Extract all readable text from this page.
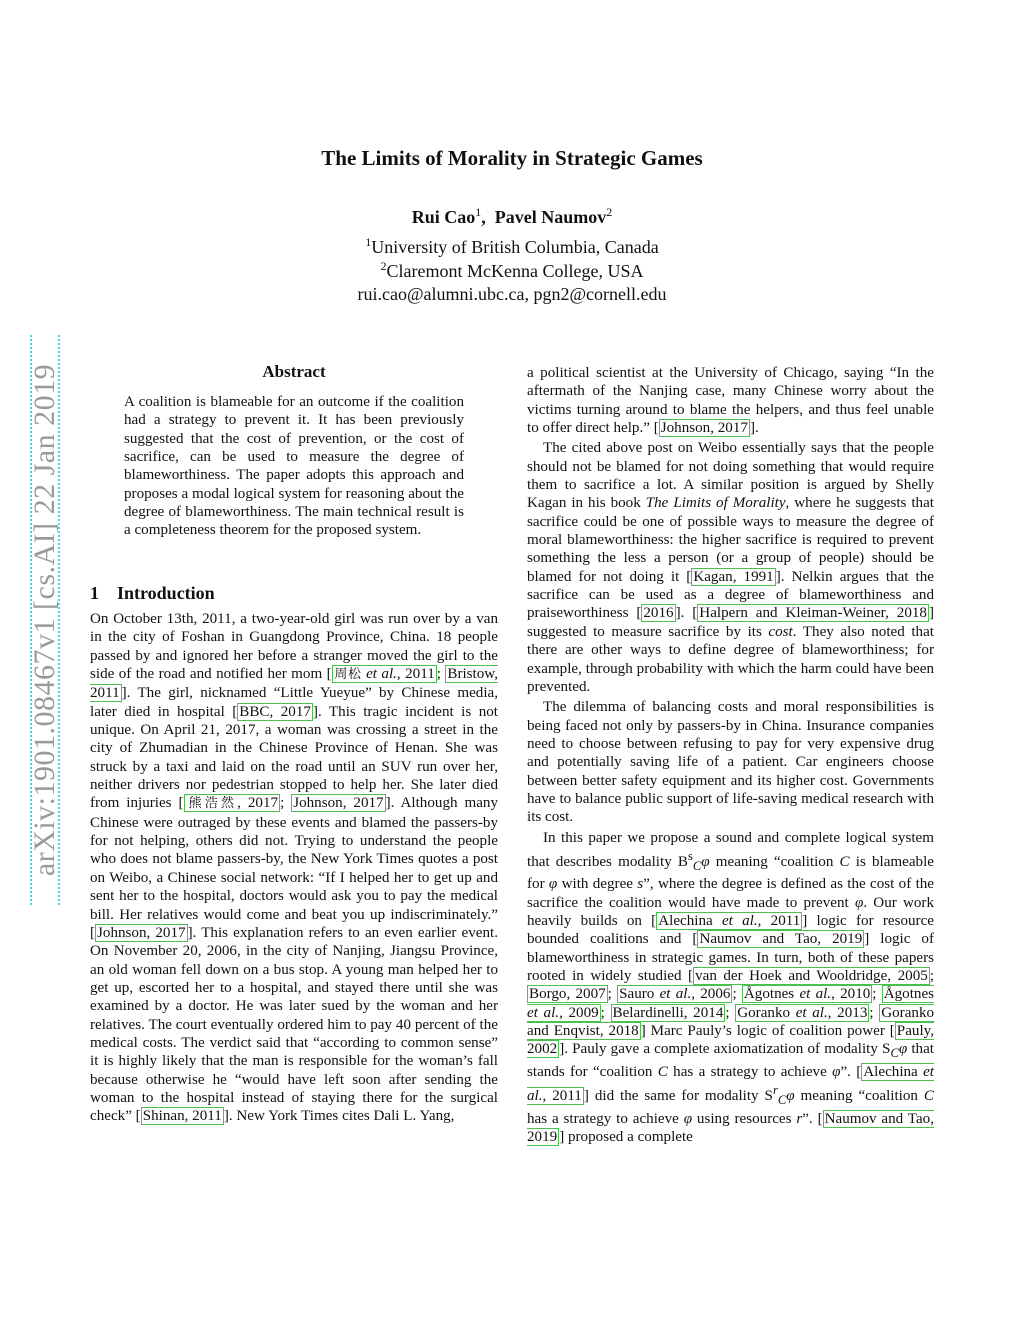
arXiv:1901.08467v1 [cs.AI] 22 Jan 2019
The Limits of Morality in Strategic Games
Rui Cao$^1$,  Pavel Naumov$^2$
$^1$University of British Columbia, Canada
$^2$Claremont McKenna College, USA
rui.cao@alumni.ubc.ca, pgn2@cornell.edu
Abstract

A coalition is blameable for an outcome if the coalition had a strategy to prevent it. It has been previously suggested that the cost of prevention, or the cost of sacrifice, can be used to measure the degree of blameworthiness. The paper adopts this approach and proposes a modal logical system for reasoning about the degree of blameworthiness. The main technical result is a completeness theorem for the proposed system.

1 Introduction

On October 13th, 2011, a two-year-old girl was run over by a van in the city of Foshan in Guangdong Province, China. 18 people passed by and ignored her before a stranger moved the girl to the side of the road and notified her mom [ 周松 et al., 2011 ; Bristow, 2011 ]. The girl, nicknamed “Little Yueyue” by Chinese media, later died in hospital [ BBC, 2017 ]. This tragic incident is not unique. On April 21, 2017, a woman was crossing a street in the city of Zhumadian in the Chinese Province of Henan. She was struck by a taxi and laid on the road until an SUV run over her, neither drivers nor pedestrian stopped to help her. She later died from injuries [ 熊浩然, 2017 ; Johnson, 2017 ]. Although many Chinese were outraged by these events and blamed the passers-by for not helping, others did not. Trying to understand the people who does not blame passers-by, the New York Times quotes a post on Weibo, a Chinese social network: “If I helped her to get up and sent her to the hospital, doctors would ask you to pay the medical bill. Her relatives would come and beat you up indiscriminately.” [ Johnson, 2017 ]. This explanation refers to an even earlier event. On November 20, 2006, in the city of Nanjing, Jiangsu Province, an old woman fell down on a bus stop. A young man helped her to get up, escorted her to a hospital, and stayed there until she was examined by a doctor. He was later sued by the woman and her relatives. The court eventually ordered him to pay 40 percent of the medical costs. The verdict said that “according to common sense” it is highly likely that the man is responsible for the woman’s fall because otherwise he “would have left soon after sending the woman to the hospital instead of staying there for the surgical check” [ Shinan, 2011 ]. New York Times cites Dali L. Yang,

a political scientist at the University of Chicago, saying “In the aftermath of the Nanjing case, many Chinese worry about the victims turning around to blame the helpers, and thus feel unable to offer direct help.” [ Johnson, 2017 ].

The cited above post on Weibo essentially says that the people should not be blamed for not doing something that would require them to sacrifice a lot. A similar position is argued by Shelly Kagan in his book The Limits of Morality, where he suggests that sacrifice could be one of possible ways to measure the degree of moral blameworthiness: the higher sacrifice is required to prevent something the less a person (or a group of people) should be blamed for not doing it [ Kagan, 1991 ]. Nelkin argues that the sacrifice can be used as a degree of blameworthiness and praiseworthiness [ 2016 ]. [ Halpern and Kleiman-Weiner, 2018 ] suggested to measure sacrifice by its cost. They also noted that there are other ways to define degree of blameworthiness; for example, through probability with which the harm could have been prevented.

The dilemma of balancing costs and moral responsibilities is being faced not only by passers-by in China. Insurance companies need to choose between refusing to pay for very expensive drug and potentially saving life of a patient. Car engineers choose between better safety equipment and its higher cost. Governments have to balance public support of life-saving medical research with its cost.

In this paper we propose a sound and complete logical system that describes modality $B^s_C\varphi$ meaning “coalition C is blameable for φ with degree s”, where the degree is defined as the cost of the sacrifice the coalition would have made to prevent φ. Our work heavily builds on [ Alechina et al., 2011 ] logic for resource bounded coalitions and [ Naumov and Tao, 2019 ] logic of blameworthiness in strategic games. In turn, both of these papers rooted in widely studied [ van der Hoek and Wooldridge, 2005 ; Borgo, 2007 ; Sauro et al., 2006 ; Ågotnes et al., 2010 ; Ågotnes et al., 2009 ; Belardinelli, 2014 ; Goranko et al., 2013 ; Goranko and Enqvist, 2018 ] Marc Pauly’s logic of coalition power [ Pauly, 2002 ]. Pauly gave a complete axiomatization of modality $S_C\varphi$ that stands for “coalition C has a strategy to achieve φ”. [ Alechina et al., 2011 ] did the same for modality $S^r_C\varphi$ meaning “coalition C has a strategy to achieve φ using resources r”. [ Naumov and Tao, 2019 ] proposed a complete
